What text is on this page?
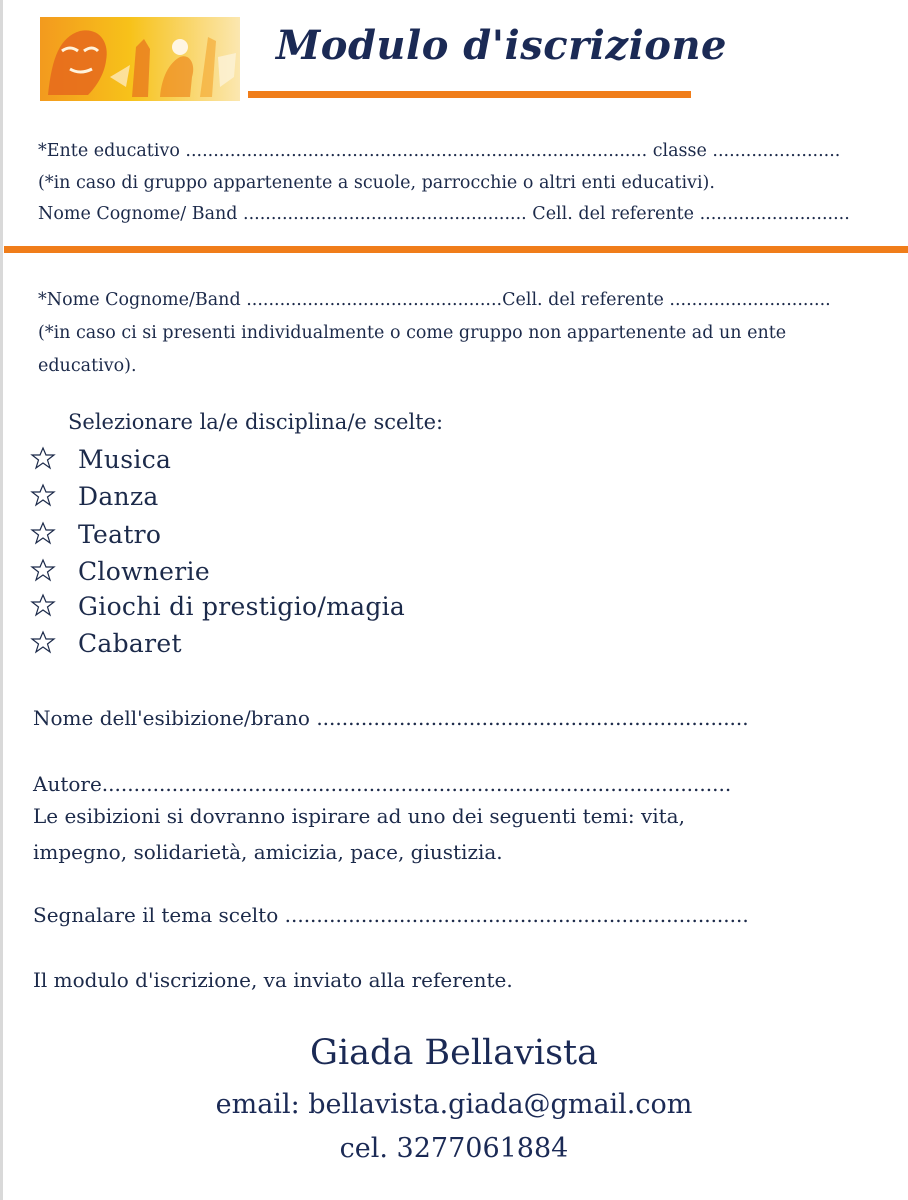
Modulo d'iscrizione
*Ente educativo ................................................................................... classe .......................
(*in caso di gruppo appartenente a scuole, parrocchie o altri enti educativi).
Nome Cognome/ Band ................................................... Cell. del referente ...........................
*Nome Cognome/Band ..............................................Cell. del referente .............................
(*in caso ci si presenti individualmente o come gruppo non appartenente ad un ente
educativo).
Selezionare la/e disciplina/e scelte:
Musica
Danza
Teatro
Clownerie
Giochi di prestigio/magia
Cabaret
Nome dell'esibizione/brano ....................................................................
Autore...................................................................................................
Le esibizioni si dovranno ispirare ad uno dei seguenti temi: vita,
impegno, solidarietà, amicizia, pace, giustizia.
Segnalare il tema scelto .........................................................................
Il modulo d'iscrizione, va inviato alla referente.
Giada Bellavista
email: bellavista.giada@gmail.com
cel. 3277061884
